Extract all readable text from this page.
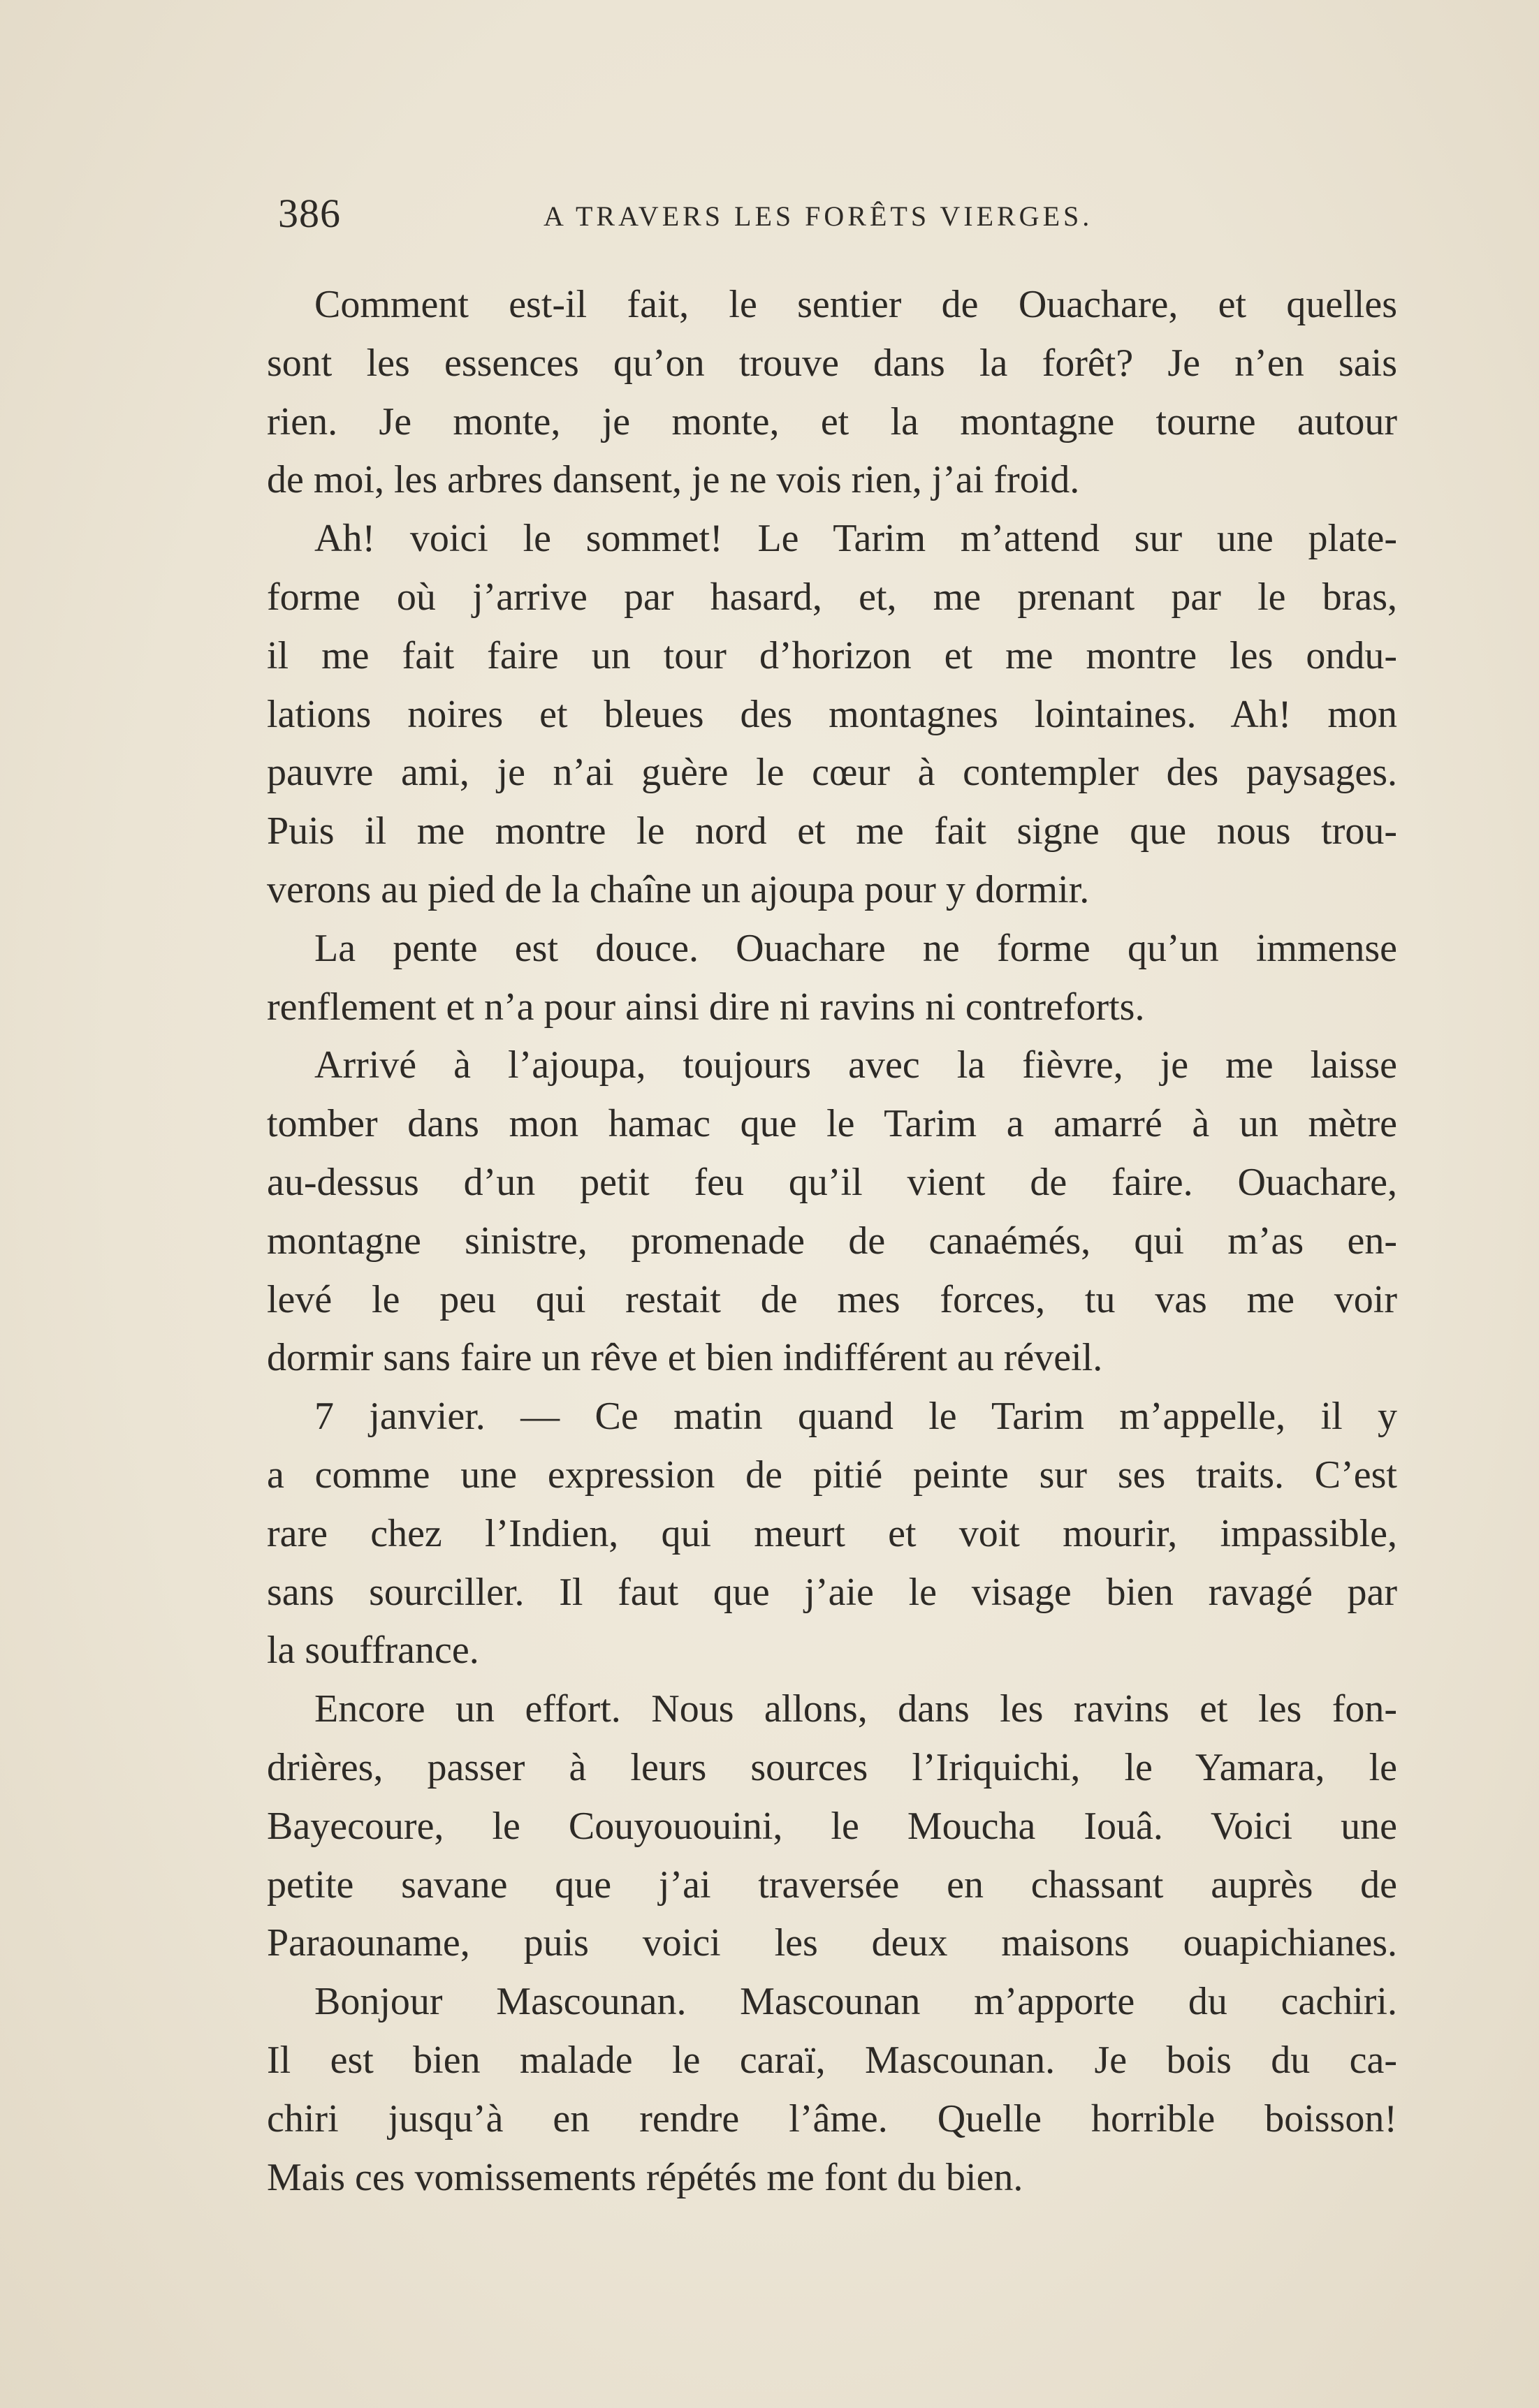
386	A TRAVERS LES FORÊTS VIERGES.
Comment est-il fait, le sentier de Ouachare, et quelles
sont les essences qu’on trouve dans la forêt? Je n’en sais
rien. Je monte, je monte, et la montagne tourne autour
de moi, les arbres dansent, je ne vois rien, j’ai froid.
Ah! voici le sommet! Le Tarim m’attend sur une plate-
forme où j’arrive par hasard, et, me prenant par le bras,
il me fait faire un tour d’horizon et me montre les ondu-
lations noires et bleues des montagnes lointaines. Ah! mon
pauvre ami, je n’ai guère le cœur à contempler des paysages.
Puis il me montre le nord et me fait signe que nous trou-
verons au pied de la chaîne un ajoupa pour y dormir.
La pente est douce. Ouachare ne forme qu’un immense
renflement et n’a pour ainsi dire ni ravins ni contreforts.
Arrivé à l’ajoupa, toujours avec la fièvre, je me laisse
tomber dans mon hamac que le Tarim a amarré à un mètre
au-dessus d’un petit feu qu’il vient de faire. Ouachare,
montagne sinistre, promenade de canaémés, qui m’as en-
levé le peu qui restait de mes forces, tu vas me voir
dormir sans faire un rêve et bien indifférent au réveil.
7 janvier. — Ce matin quand le Tarim m’appelle, il y
a comme une expression de pitié peinte sur ses traits. C’est
rare chez l’Indien, qui meurt et voit mourir, impassible,
sans sourciller. Il faut que j’aie le visage bien ravagé par
la souffrance.
Encore un effort. Nous allons, dans les ravins et les fon-
drières, passer à leurs sources l’Iriquichi, le Yamara, le
Bayecoure, le Couyououini, le Moucha Iouâ. Voici une
petite savane que j’ai traversée en chassant auprès de
Paraouname, puis voici les deux maisons ouapichianes.
Bonjour Mascounan. Mascounan m’apporte du cachiri.
Il est bien malade le caraï, Mascounan. Je bois du ca-
chiri jusqu’à en rendre l’âme. Quelle horrible boisson!
Mais ces vomissements répétés me font du bien.
